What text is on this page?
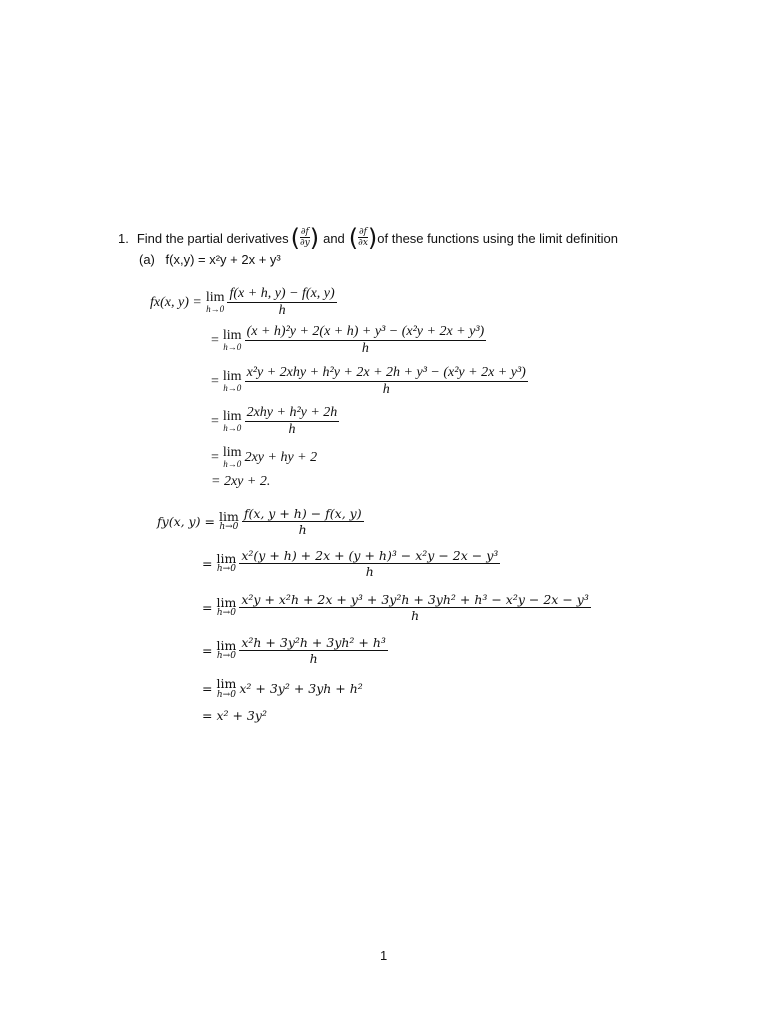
1. Find the partial derivatives ( $\frac{\partial f}{\partial y}$ ) and ( $\frac{\partial f}{\partial x}$ ) of these functions using the limit definition
(a) f(x,y) = x²y + 2x + y³
fx(x, y) = lim
$h\to 0 \frac{f(x + h, y) - f(x, y)}{h}$
= lim
$h\to 0 \frac{\text{(x + h)²y + 2(x + h) + y³ − (x²y + 2x + y³)}}{h}$
= lim
$h\to 0 \frac{\text{x²y + 2xhy + h²y + 2x + 2h + y³ − (x²y + 2x + y³)}}{h}$
= lim
$h\to 0 \frac{\text{2xhy + h²y + 2h}}{h}$
= lim
h→0 2xy + hy + 2
= 2xy + 2.
fy(x, y) = lim
$h\to 0 \frac{f(x, y + h) - f(x, y)}{h}$
= lim
$h\to 0 \frac{\text{x²(y + h) + 2x + (y + h)³ − x²y − 2x − y³}}{h}$
= lim
$h\to 0 \frac{\text{x²y + x²h + 2x + y³ + 3y²h + 3yh² + h³ − x²y − 2x − y³}}{h}$
= lim
$h\to 0 \frac{\text{x²h + 3y²h + 3yh² + h³}}{h}$
= lim
h→0 x² + 3y² + 3yh + h²
= x² + 3y²
1
